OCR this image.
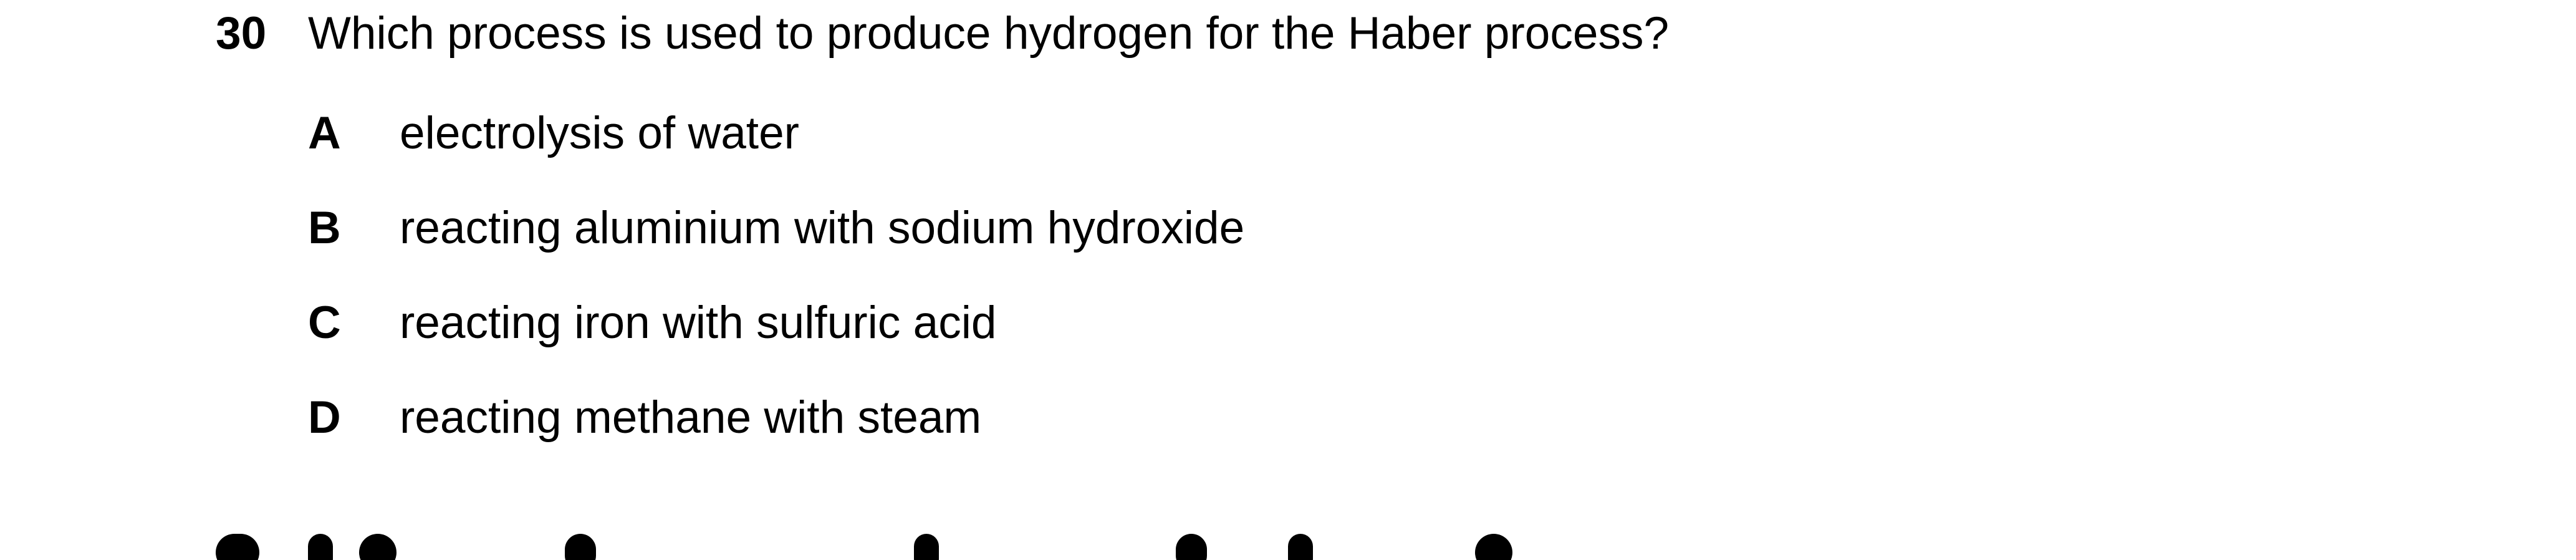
30 Which process is used to produce hydrogen for the Haber process?
A electrolysis of water
B reacting aluminium with sodium hydroxide
C reacting iron with sulfuric acid
D reacting methane with steam
